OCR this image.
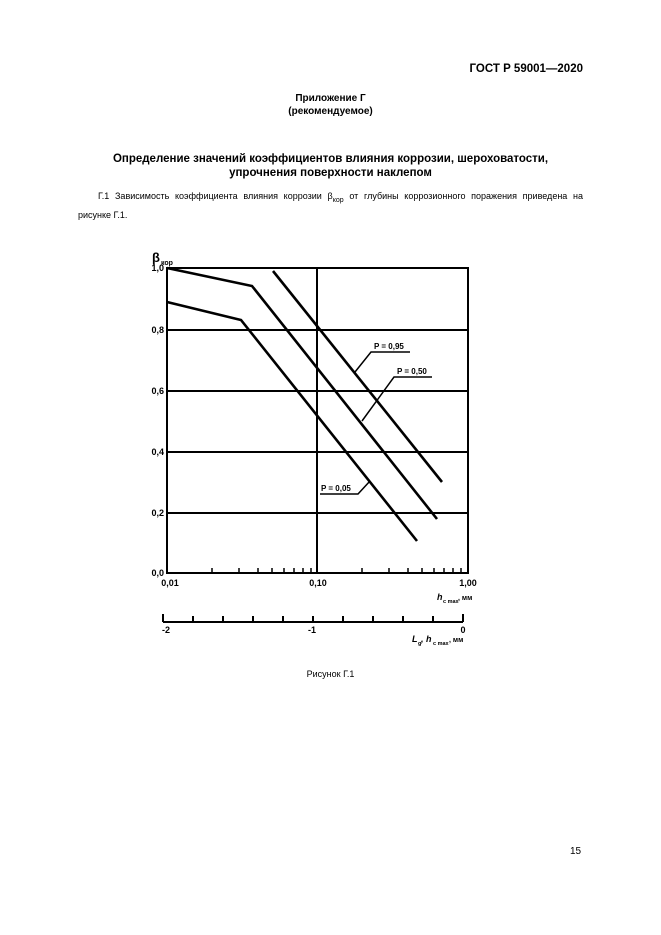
ГОСТ Р 59001—2020
Приложение Г
(рекомендуемое)
Определение значений коэффициентов влияния коррозии, шероховатости,
упрочнения поверхности наклепом
Г.1 Зависимость коэффициента влияния коррозии $\beta_{кор}$ от глубины коррозионного поражения приведена на рисунке Г.1.
β кор
0,0
0,2
0,4
0,6
0,8
1,0
0,01	0,10	1,00
h c max , мм
-2	-1	0
L g , h c max , мм
P = 0,95
P = 0,50
P = 0,05
Рисунок Г.1
15
